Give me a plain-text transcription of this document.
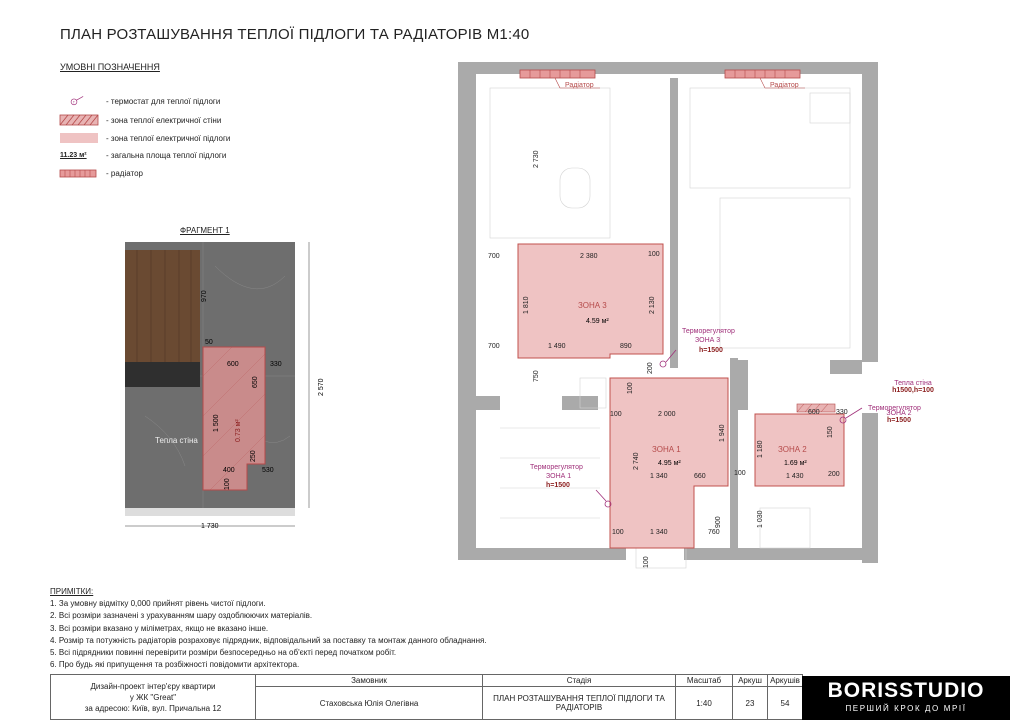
ПЛАН РОЗТАШУВАННЯ ТЕПЛОЇ ПІДЛОГИ ТА РАДІАТОРІВ М1:40
УМОВНІ ПОЗНАЧЕННЯ
T	- термостат для теплої підлоги
- зона теплої електричної стіни
- зона теплої електричної підлоги
11.23 м²	- загальна площа теплої підлоги
- радіатор
ФРАГМЕНТ 1
970
50
600	330
650	2 570
1 500 0.73 м²
250
400	530
100
1 730
Тепла стіна
Радіатор	Радіатор
ЗОНА 3
4.59 м²
ЗОНА 1
4.95 м²
ЗОНА 2
1.69 м²
Терморегулятор
ЗОНА 3
h=1500
Терморегулятор
ЗОНА 1
h=1500
Терморегулятор
2 730
700	2 380	100
1 810	2 130
700	1 490	890
750
200
100
100	2 000
1 940
2 740
1 340	660	100
900
1 340	760
100
100
1 180
600 330
150
200
1 430
1 030
Тепла стіна
h1500,h=100
ЗОНА 2
h=1500
ПРИМІТКИ:
1. За умовну відмітку 0,000 прийнят рівень чистої підлоги.
2. Всі розміри зазначені з урахуванням шару оздоблюючих матеріалів.
3. Всі розміри вказано у міліметрах, якщо не вказано інше.
4. Розмір та потужність радіаторів розраховує підрядник, відповідальний за поставку та монтаж данного обладнання.
5. Всі підрядники повинні перевірити розміри безпосередньо на об'єкті перед початком робіт.
6. Про будь які припущення та розбіжності повідомити архітектора.
Дизайн-проект інтер'єру квартири
у ЖК "Great"
за адресою: Київ, вул. Причальна 12	Замовник	Стадія	Масштаб	Аркуш	Аркушів
	Стаховська Юлія Олегівна	ПЛАН РОЗТАШУВАННЯ ТЕПЛОЇ ПІДЛОГИ ТА РАДІАТОРІВ	1:40	23	54
BORISSTUDIO
ПЕРШИЙ КРОК ДО МРІЇ
